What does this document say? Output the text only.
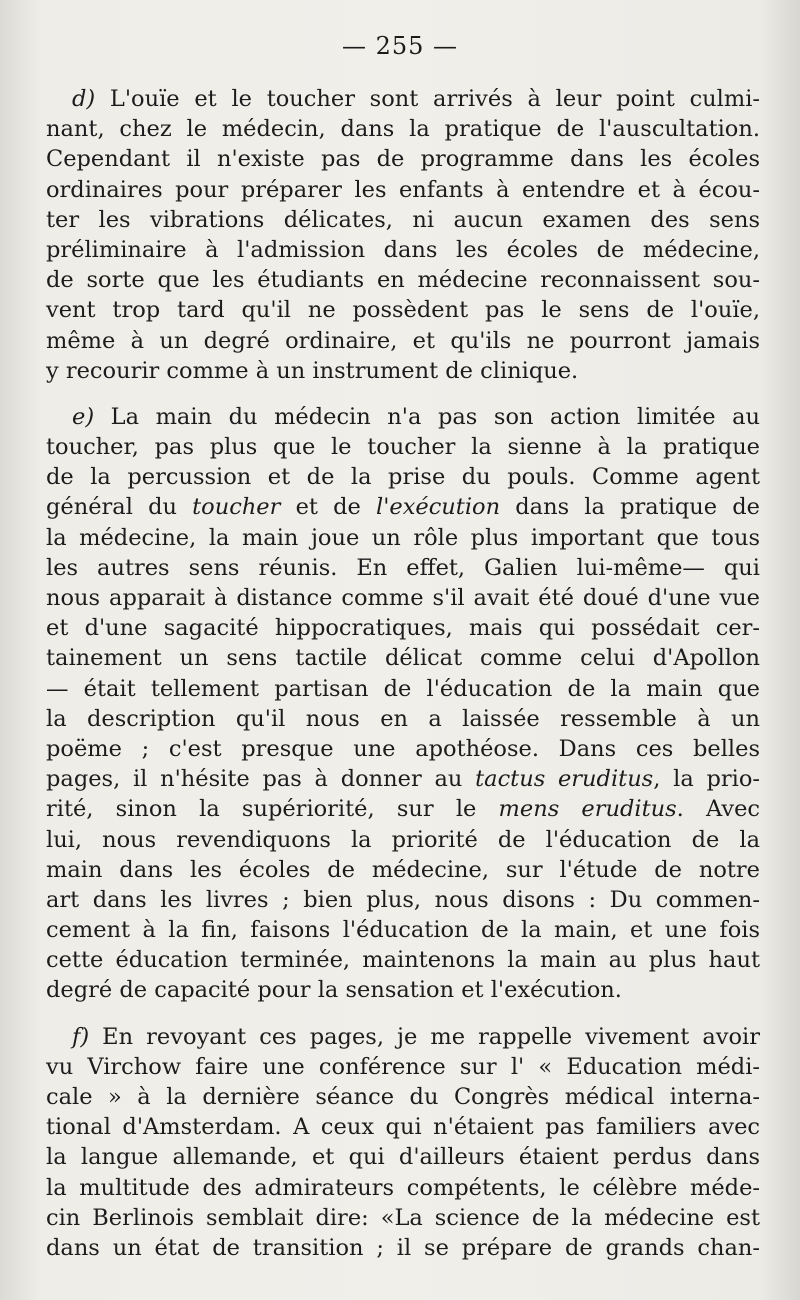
— 255 —
d) L'ouïe et le toucher sont arrivés à leur point culmi-
nant, chez le médecin, dans la pratique de l'auscultation.
Cependant il n'existe pas de programme dans les écoles
ordinaires pour préparer les enfants à entendre et à écou-
ter les vibrations délicates, ni aucun examen des sens
préliminaire à l'admission dans les écoles de médecine,
de sorte que les étudiants en médecine reconnaissent sou-
vent trop tard qu'il ne possèdent pas le sens de l'ouïe,
même à un degré ordinaire, et qu'ils ne pourront jamais
y recourir comme à un instrument de clinique.
e) La main du médecin n'a pas son action limitée au
toucher, pas plus que le toucher la sienne à la pratique
de la percussion et de la prise du pouls. Comme agent
général du toucher et de l'exécution dans la pratique de
la médecine, la main joue un rôle plus important que tous
les autres sens réunis. En effet, Galien lui-même— qui
nous apparait à distance comme s'il avait été doué d'une vue
et d'une sagacité hippocratiques, mais qui possédait cer-
tainement un sens tactile délicat comme celui d'Apollon
— était tellement partisan de l'éducation de la main que
la description qu'il nous en a laissée ressemble à un
poëme ; c'est presque une apothéose. Dans ces belles
pages, il n'hésite pas à donner au tactus eruditus, la prio-
rité, sinon la supériorité, sur le mens eruditus. Avec
lui, nous revendiquons la priorité de l'éducation de la
main dans les écoles de médecine, sur l'étude de notre
art dans les livres ; bien plus, nous disons : Du commen-
cement à la fin, faisons l'éducation de la main, et une fois
cette éducation terminée, maintenons la main au plus haut
degré de capacité pour la sensation et l'exécution.
f) En revoyant ces pages, je me rappelle vivement avoir
vu Virchow faire une conférence sur l' « Education médi-
cale » à la dernière séance du Congrès médical interna-
tional d'Amsterdam. A ceux qui n'étaient pas familiers avec
la langue allemande, et qui d'ailleurs étaient perdus dans
la multitude des admirateurs compétents, le célèbre méde-
cin Berlinois semblait dire: «La science de la médecine est
dans un état de transition ; il se prépare de grands chan-
